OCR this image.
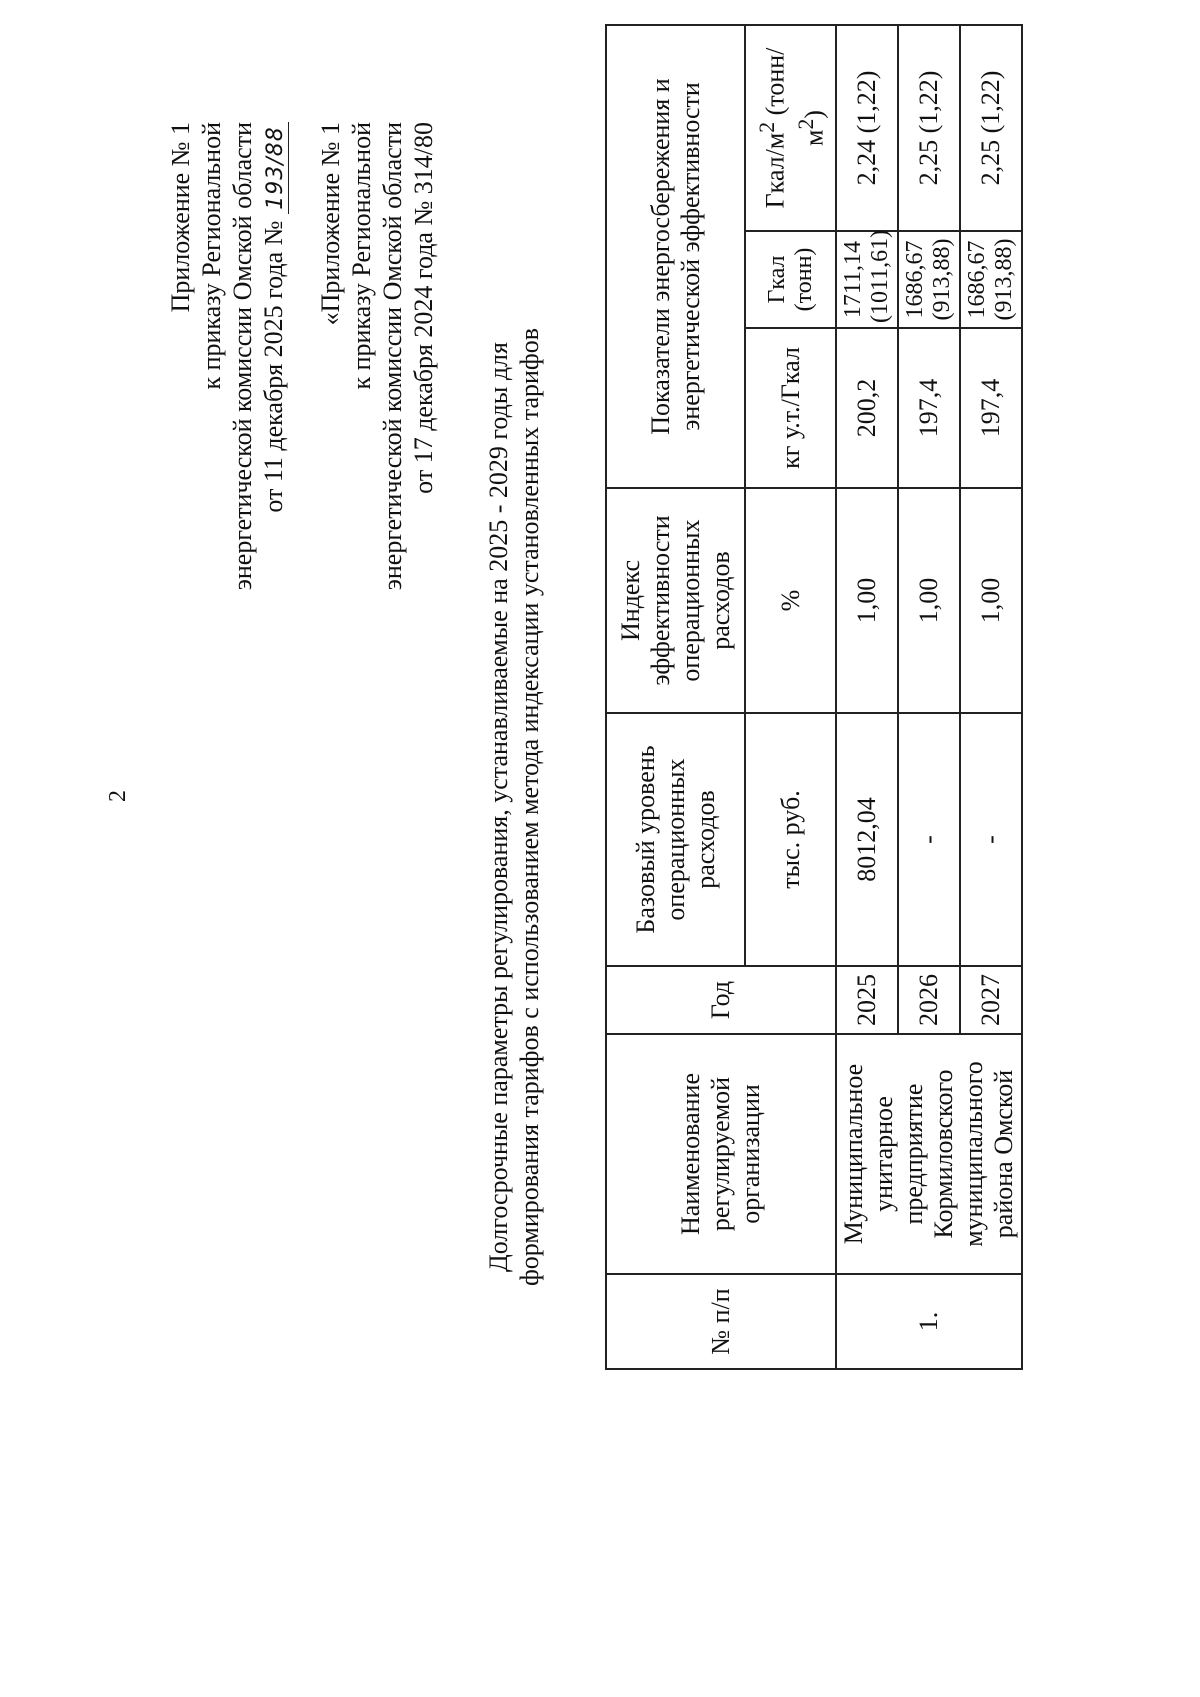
2
Приложение № 1 к приказу Региональной энергетической комиссии Омской области от 11 декабря 2025 года № 193/88 «Приложение № 1 к приказу Региональной энергетической комиссии Омской области от 17 декабря 2024 года № 314/80
Долгосрочные параметры регулирования, устанавливаемые на 2025 - 2029 годы для формирования тарифов с использованием метода индексации установленных тарифов
№ п/п	Наименование регулируемой организации	Год	Базовый уровень операционных расходов	Индекс эффективности операционных расходов	Показатели энергосбережения и энергетической эффективности		
			тыс. руб.	%	кг у.т./Гкал	Гкал (тонн)	Гкал/$м^2$ $(тонн/м^2)$
1.	Муниципальное унитарное предприятие Кормиловского муниципального района Омской	2025	8012,04	1,00	200,2	1711,14 (1011,61)	2,24 (1,22)
		2026	-	1,00	197,4	1686,67 (913,88)	2,25 (1,22)
		2027	-	1,00	197,4	1686,67 (913,88)	2,25 (1,22)
